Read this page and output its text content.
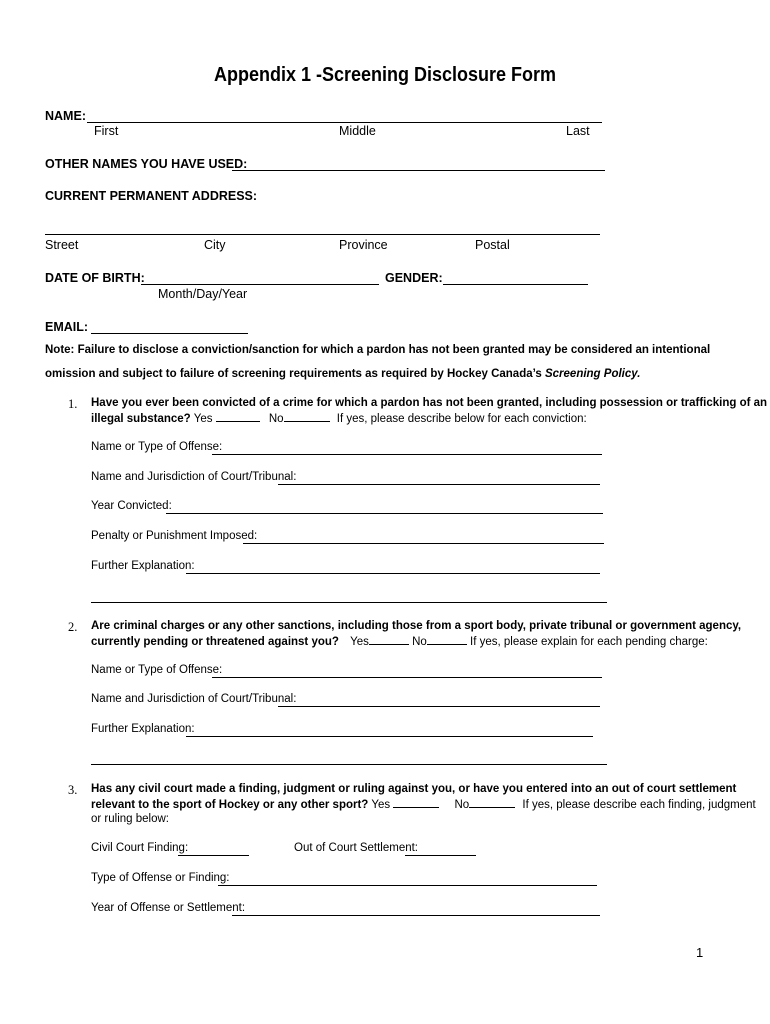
Appendix 1 -Screening Disclosure Form
NAME:
First	Middle	Last
OTHER NAMES YOU HAVE USED:
CURRENT PERMANENT ADDRESS:
Street	City	Province	Postal
DATE OF BIRTH:	GENDER:
Month/Day/Year
EMAIL:
Note: Failure to disclose a conviction/sanction for which a pardon has not been granted may be considered an intentional
omission and subject to failure of screening requirements as required by Hockey Canada’s Screening Policy.
1. Have you ever been convicted of a crime for which a pardon has not been granted, including possession or trafficking of an
illegal substance? Yes	No	If yes, please describe below for each conviction:
Name or Type of Offense:
Name and Jurisdiction of Court/Tribunal:
Year Convicted:
Penalty or Punishment Imposed:
Further Explanation:
2. Are criminal charges or any other sanctions, including those from a sport body, private tribunal or government agency,
currently pending or threatened against you? Yes	No	If yes, please explain for each pending charge:
Name or Type of Offense:
Name and Jurisdiction of Court/Tribunal:
Further Explanation:
3. Has any civil court made a finding, judgment or ruling against you, or have you entered into an out of court settlement
relevant to the sport of Hockey or any other sport? Yes	No	If yes, please describe each finding, judgment
or ruling below:
Civil Court Finding:	Out of Court Settlement:
Type of Offense or Finding:
Year of Offense or Settlement:
1
